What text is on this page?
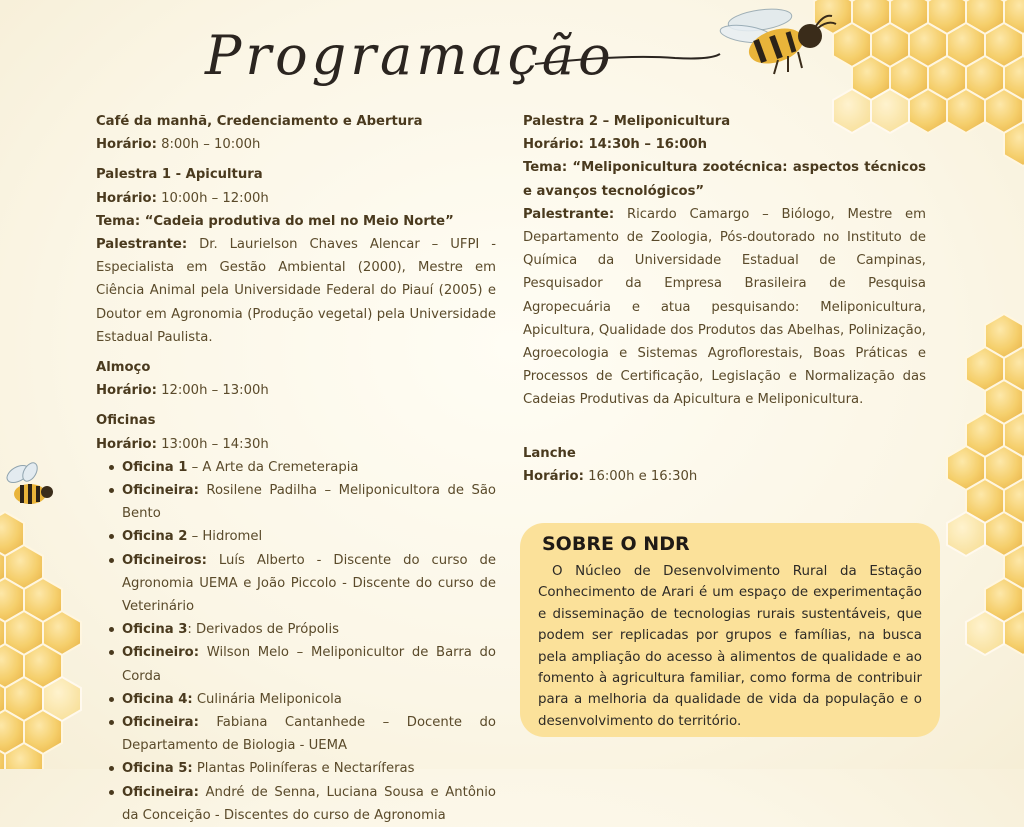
Programação

Café da manhã, Credenciamento e Abertura

Horário: 8:00h – 10:00h

Palestra 1 - Apicultura

Horário: 10:00h – 12:00h

Tema: “Cadeia produtiva do mel no Meio Norte”

Palestrante: Dr. Laurielson Chaves Alencar – UFPI - Especialista em Gestão Ambiental (2000), Mestre em Ciência Animal pela Universidade Federal do Piauí (2005) e Doutor em Agronomia (Produção vegetal) pela Universidade Estadual Paulista.

Almoço

Horário: 12:00h – 13:00h

Oficinas

Horário: 13:00h – 14:30h

Oficina 1 – A Arte da Cremeterapia
Oficineira: Rosilene Padilha – Meliponicultora de São Bento
Oficina 2 – Hidromel
Oficineiros: Luís Alberto - Discente do curso de Agronomia UEMA e João Piccolo - Discente do curso de Veterinário
Oficina 3: Derivados de Própolis
Oficineiro: Wilson Melo – Meliponicultor de Barra do Corda
Oficina 4: Culinária Meliponicola
Oficineira: Fabiana Cantanhede – Docente do Departamento de Biologia - UEMA
Oficina 5: Plantas Poliníferas e Nectaríferas
Oficineira: André de Senna, Luciana Sousa e Antônio da Conceição - Discentes do curso de Agronomia

Palestra 2 – Meliponicultura

Horário: 14:30h – 16:00h

Tema: “Meliponicultura zootécnica: aspectos técnicos e avanços tecnológicos”

Palestrante: Ricardo Camargo – Biólogo, Mestre em Departamento de Zoologia, Pós-doutorado no Instituto de Química da Universidade Estadual de Campinas, Pesquisador da Empresa Brasileira de Pesquisa Agropecuária e atua pesquisando: Meliponicultura, Apicultura, Qualidade dos Produtos das Abelhas, Polinização, Agroecologia e Sistemas Agroflorestais, Boas Práticas e Processos de Certificação, Legislação e Normalização das Cadeias Produtivas da Apicultura e Meliponicultura.

Lanche

Horário: 16:00h e 16:30h

SOBRE O NDR
O Núcleo de Desenvolvimento Rural da Estação Conhecimento de Arari é um espaço de experimentação e disseminação de tecnologias rurais sustentáveis, que podem ser replicadas por grupos e famílias, na busca pela ampliação do acesso à alimentos de qualidade e ao fomento à agricultura familiar, como forma de contribuir para a melhoria da qualidade de vida da população e o desenvolvimento do território.
